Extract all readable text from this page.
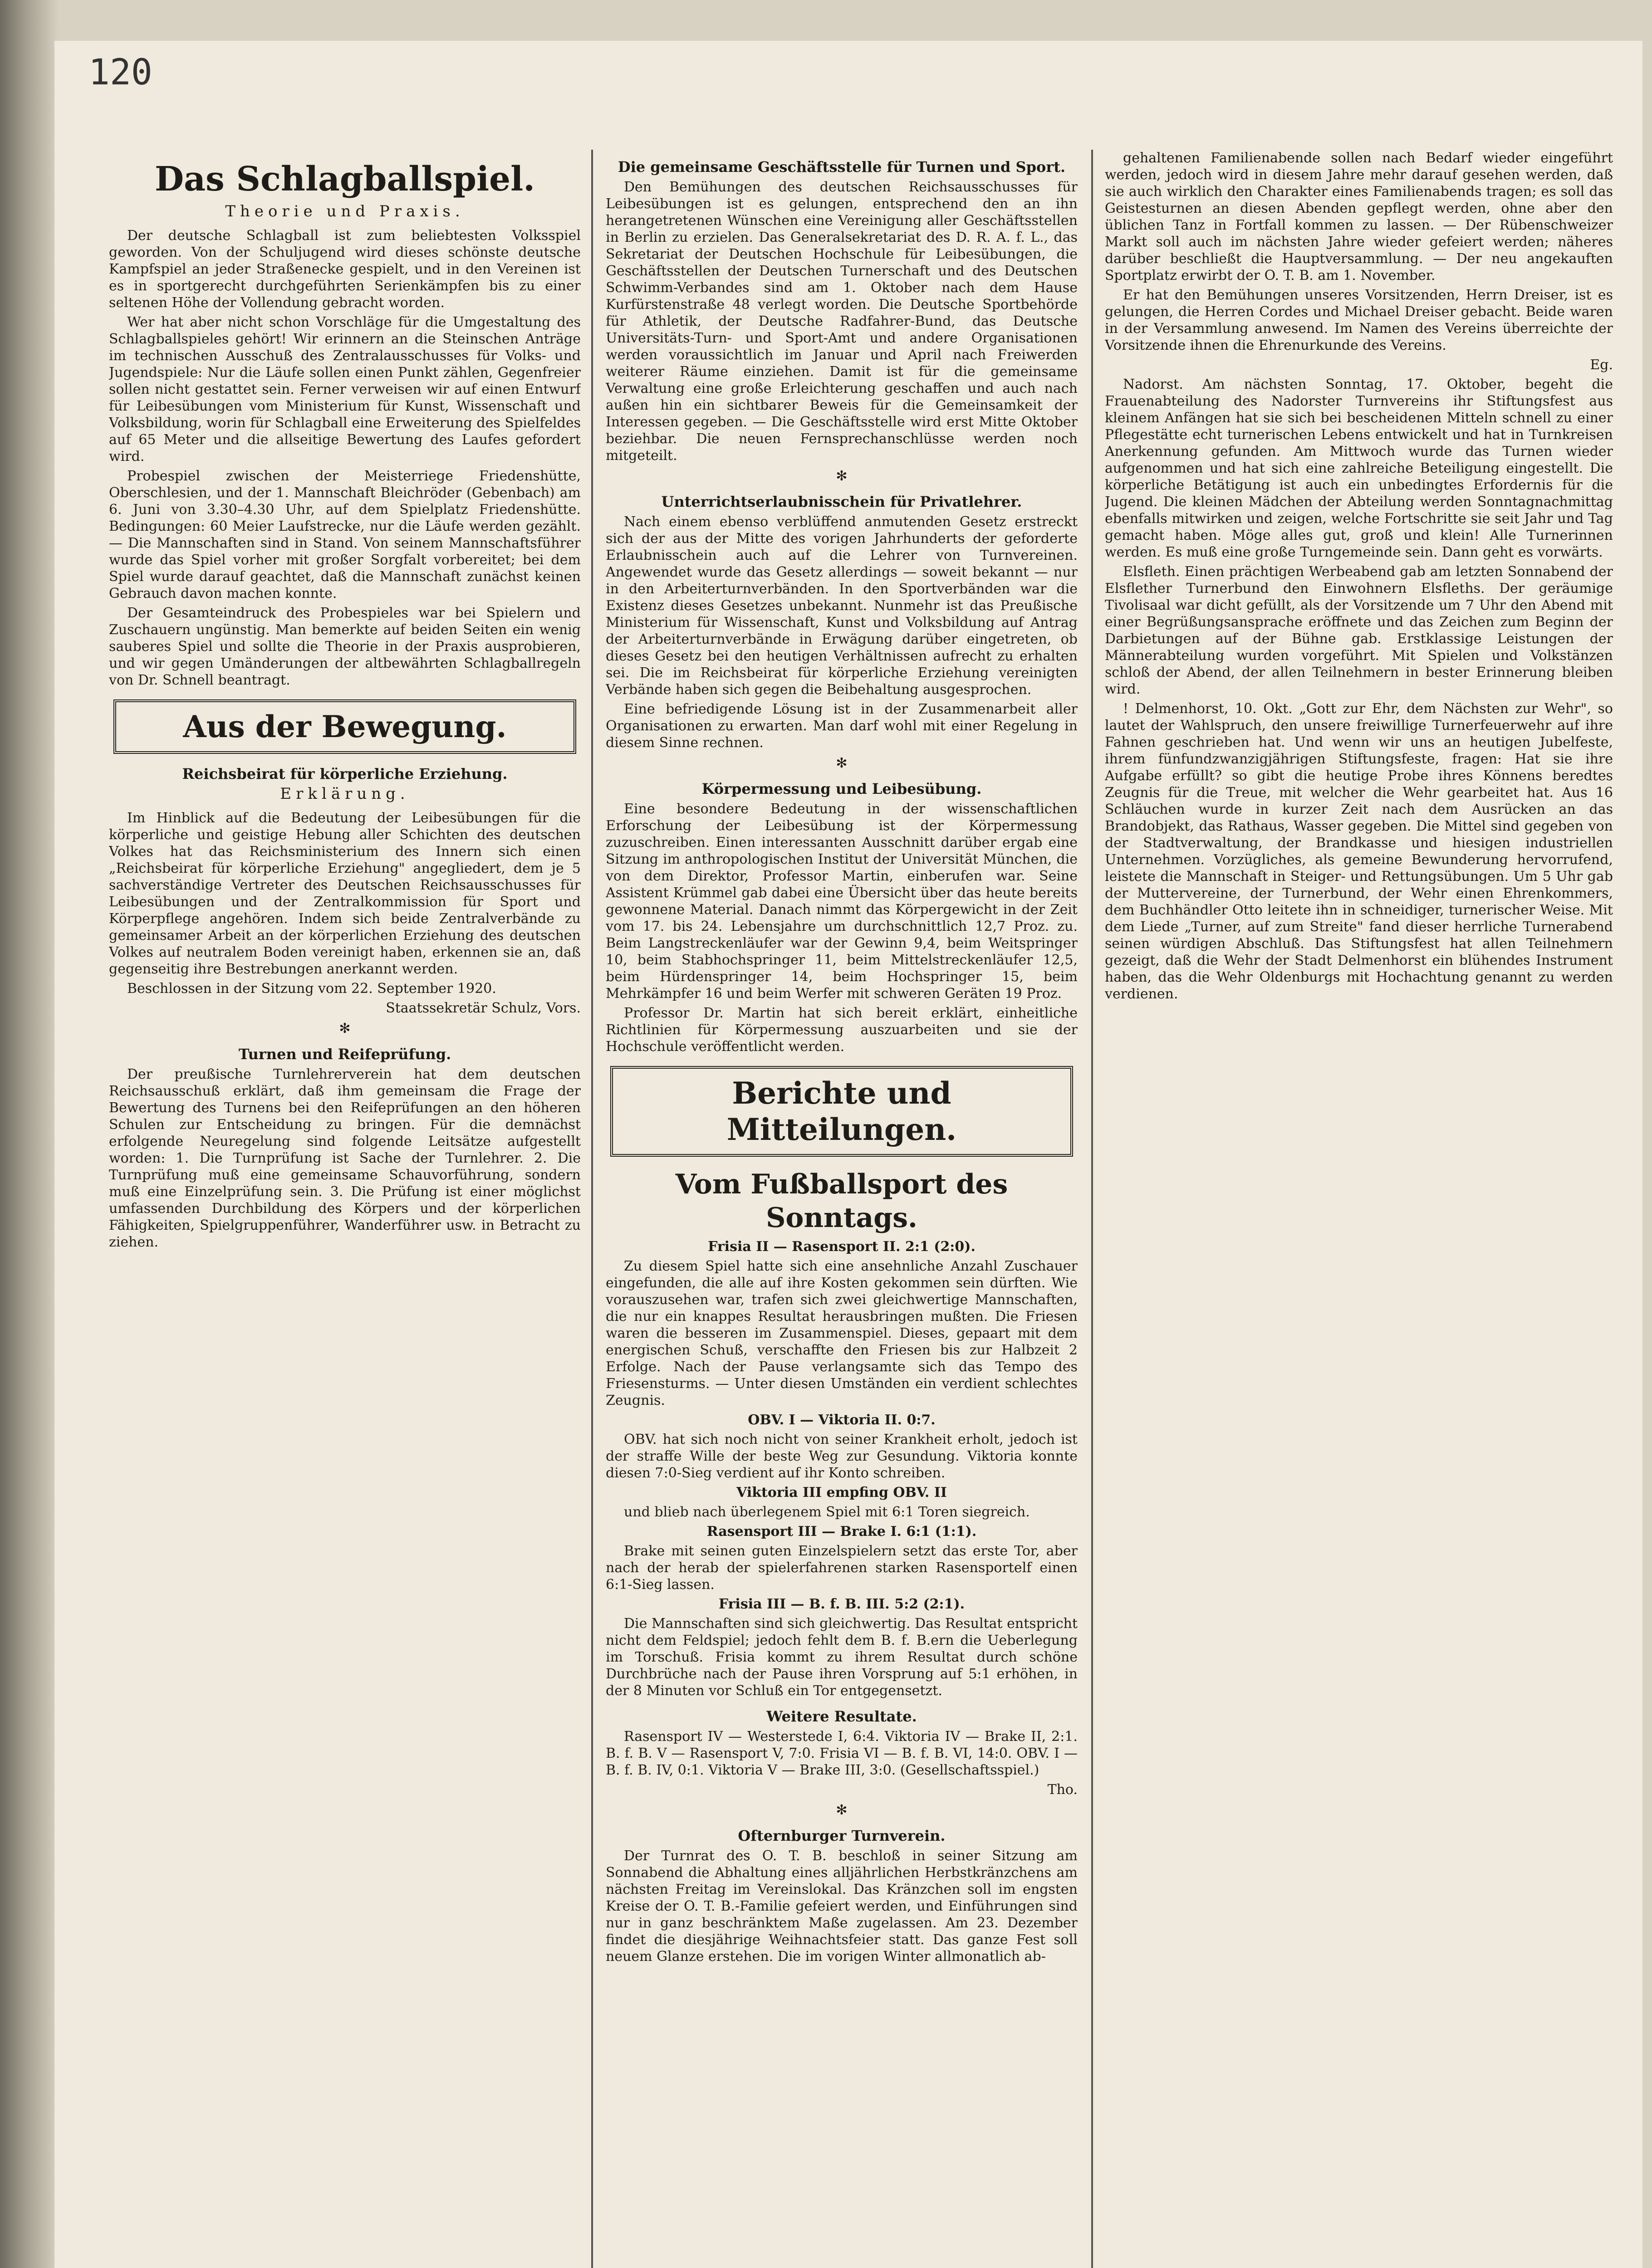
120
Das Schlagballspiel.
Theorie und Praxis.

Der deutsche Schlagball ist zum beliebtesten Volksspiel geworden. Von der Schuljugend wird dieses schönste deutsche Kampfspiel an jeder Straßenecke gespielt, und in den Vereinen ist es in sportgerecht durchgeführten Serienkämpfen bis zu einer seltenen Höhe der Vollendung gebracht worden.

Wer hat aber nicht schon Vorschläge für die Umgestaltung des Schlagballspieles gehört! Wir erinnern an die Steinschen Anträge im technischen Ausschuß des Zentralausschusses für Volks- und Jugendspiele: Nur die Läufe sollen einen Punkt zählen, Gegenfreier sollen nicht gestattet sein. Ferner verweisen wir auf einen Entwurf für Leibesübungen vom Ministerium für Kunst, Wissenschaft und Volksbildung, worin für Schlagball eine Erweiterung des Spielfeldes auf 65 Meter und die allseitige Bewertung des Laufes gefordert wird.

Probespiel zwischen der Meisterriege Friedenshütte, Oberschlesien, und der 1. Mannschaft Bleichröder (Gebenbach) am 6. Juni von 3.30–4.30 Uhr, auf dem Spielplatz Friedenshütte. Bedingungen: 60 Meier Laufstrecke, nur die Läufe werden gezählt. — Die Mannschaften sind in Stand. Von seinem Mannschaftsführer wurde das Spiel vorher mit großer Sorgfalt vorbereitet; bei dem Spiel wurde darauf geachtet, daß die Mannschaft zunächst keinen Gebrauch davon machen konnte.

Der Gesamteindruck des Probespieles war bei Spielern und Zuschauern ungünstig. Man bemerkte auf beiden Seiten ein wenig sauberes Spiel und sollte die Theorie in der Praxis ausprobieren, und wir gegen Umänderungen der altbewährten Schlagballregeln von Dr. Schnell beantragt.

Aus der Bewegung.
Reichsbeirat für körperliche Erziehung.
Erklärung.

Im Hinblick auf die Bedeutung der Leibesübungen für die körperliche und geistige Hebung aller Schichten des deutschen Volkes hat das Reichsministerium des Innern sich einen „Reichsbeirat für körperliche Erziehung" angegliedert, dem je 5 sachverständige Vertreter des Deutschen Reichsausschusses für Leibesübungen und der Zentralkommission für Sport und Körperpflege angehören. Indem sich beide Zentralverbände zu gemeinsamer Arbeit an der körperlichen Erziehung des deutschen Volkes auf neutralem Boden vereinigt haben, erkennen sie an, daß gegenseitig ihre Bestrebungen anerkannt werden.

Beschlossen in der Sitzung vom 22. September 1920.

Staatssekretär Schulz, Vors.

✻
Turnen und Reifeprüfung.

Der preußische Turnlehrerverein hat dem deutschen Reichsausschuß erklärt, daß ihm gemeinsam die Frage der Bewertung des Turnens bei den Reifeprüfungen an den höheren Schulen zur Entscheidung zu bringen. Für die demnächst erfolgende Neuregelung sind folgende Leitsätze aufgestellt worden: 1. Die Turnprüfung ist Sache der Turnlehrer. 2. Die Turnprüfung muß eine gemeinsame Schauvorführung, sondern muß eine Einzelprüfung sein. 3. Die Prüfung ist einer möglichst umfassenden Durchbildung des Körpers und der körperlichen Fähigkeiten, Spielgruppenführer, Wanderführer usw. in Betracht zu ziehen.

Die gemeinsame Geschäftsstelle für Turnen und Sport.

Den Bemühungen des deutschen Reichsausschusses für Leibesübungen ist es gelungen, entsprechend den an ihn herangetretenen Wünschen eine Vereinigung aller Geschäftsstellen in Berlin zu erzielen. Das Generalsekretariat des D. R. A. f. L., das Sekretariat der Deutschen Hochschule für Leibesübungen, die Geschäftsstellen der Deutschen Turnerschaft und des Deutschen Schwimm-Verbandes sind am 1. Oktober nach dem Hause Kurfürstenstraße 48 verlegt worden. Die Deutsche Sportbehörde für Athletik, der Deutsche Radfahrer-Bund, das Deutsche Universitäts-Turn- und Sport-Amt und andere Organisationen werden voraussichtlich im Januar und April nach Freiwerden weiterer Räume einziehen. Damit ist für die gemeinsame Verwaltung eine große Erleichterung geschaffen und auch nach außen hin ein sichtbarer Beweis für die Gemeinsamkeit der Interessen gegeben. — Die Geschäftsstelle wird erst Mitte Oktober beziehbar. Die neuen Fernsprechanschlüsse werden noch mitgeteilt.

✻
Unterrichtserlaubnisschein für Privatlehrer.

Nach einem ebenso verblüffend anmutenden Gesetz erstreckt sich der aus der Mitte des vorigen Jahrhunderts der geforderte Erlaubnisschein auch auf die Lehrer von Turnvereinen. Angewendet wurde das Gesetz allerdings — soweit bekannt — nur in den Arbeiterturnverbänden. In den Sportverbänden war die Existenz dieses Gesetzes unbekannt. Nunmehr ist das Preußische Ministerium für Wissenschaft, Kunst und Volksbildung auf Antrag der Arbeiterturnverbände in Erwägung darüber eingetreten, ob dieses Gesetz bei den heutigen Verhältnissen aufrecht zu erhalten sei. Die im Reichsbeirat für körperliche Erziehung vereinigten Verbände haben sich gegen die Beibehaltung ausgesprochen.

Eine befriedigende Lösung ist in der Zusammenarbeit aller Organisationen zu erwarten. Man darf wohl mit einer Regelung in diesem Sinne rechnen.

✻
Körpermessung und Leibesübung.

Eine besondere Bedeutung in der wissenschaftlichen Erforschung der Leibesübung ist der Körpermessung zuzuschreiben. Einen interessanten Ausschnitt darüber ergab eine Sitzung im anthropologischen Institut der Universität München, die von dem Direktor, Professor Martin, einberufen war. Seine Assistent Krümmel gab dabei eine Übersicht über das heute bereits gewonnene Material. Danach nimmt das Körpergewicht in der Zeit vom 17. bis 24. Lebensjahre um durchschnittlich 12,7 Proz. zu. Beim Langstreckenläufer war der Gewinn 9,4, beim Weitspringer 10, beim Stabhochspringer 11, beim Mittelstreckenläufer 12,5, beim Hürdenspringer 14, beim Hochspringer 15, beim Mehrkämpfer 16 und beim Werfer mit schweren Geräten 19 Proz.

Professor Dr. Martin hat sich bereit erklärt, einheitliche Richtlinien für Körpermessung auszuarbeiten und sie der Hochschule veröffentlicht werden.

Berichte und Mitteilungen.
Vom Fußballsport des Sonntags.

Frisia II — Rasensport II. 2:1 (2:0).

Zu diesem Spiel hatte sich eine ansehnliche Anzahl Zuschauer eingefunden, die alle auf ihre Kosten gekommen sein dürften. Wie vorauszusehen war, trafen sich zwei gleichwertige Mannschaften, die nur ein knappes Resultat herausbringen mußten. Die Friesen waren die besseren im Zusammenspiel. Dieses, gepaart mit dem energischen Schuß, verschaffte den Friesen bis zur Halbzeit 2 Erfolge. Nach der Pause verlangsamte sich das Tempo des Friesensturms. — Unter diesen Umständen ein verdient schlechtes Zeugnis.

OBV. I — Viktoria II. 0:7.

OBV. hat sich noch nicht von seiner Krankheit erholt, jedoch ist der straffe Wille der beste Weg zur Gesundung. Viktoria konnte diesen 7:0-Sieg verdient auf ihr Konto schreiben.

Viktoria III empfing OBV. II

und blieb nach überlegenem Spiel mit 6:1 Toren siegreich.

Rasensport III — Brake I. 6:1 (1:1).

Brake mit seinen guten Einzelspielern setzt das erste Tor, aber nach der herab der spielerfahrenen starken Rasensportelf einen 6:1-Sieg lassen.

Frisia III — B. f. B. III. 5:2 (2:1).

Die Mannschaften sind sich gleichwertig. Das Resultat entspricht nicht dem Feldspiel; jedoch fehlt dem B. f. B.ern die Ueberlegung im Torschuß. Frisia kommt zu ihrem Resultat durch schöne Durchbrüche nach der Pause ihren Vorsprung auf 5:1 erhöhen, in der 8 Minuten vor Schluß ein Tor entgegensetzt.

Weitere Resultate.

Rasensport IV — Westerstede I, 6:4. Viktoria IV — Brake II, 2:1. B. f. B. V — Rasensport V, 7:0. Frisia VI — B. f. B. VI, 14:0. OBV. I — B. f. B. IV, 0:1. Viktoria V — Brake III, 3:0. (Gesellschaftsspiel.)

Tho.

✻
Ofternburger Turnverein.

Der Turnrat des O. T. B. beschloß in seiner Sitzung am Sonnabend die Abhaltung eines alljährlichen Herbstkränzchens am nächsten Freitag im Vereinslokal. Das Kränzchen soll im engsten Kreise der O. T. B.-Familie gefeiert werden, und Einführungen sind nur in ganz beschränktem Maße zugelassen. Am 23. Dezember findet die diesjährige Weihnachtsfeier statt. Das ganze Fest soll neuem Glanze erstehen. Die im vorigen Winter allmonatlich ab-

gehaltenen Familienabende sollen nach Bedarf wieder eingeführt werden, jedoch wird in diesem Jahre mehr darauf gesehen werden, daß sie auch wirklich den Charakter eines Familienabends tragen; es soll das Geistesturnen an diesen Abenden gepflegt werden, ohne aber den üblichen Tanz in Fortfall kommen zu lassen. — Der Rübenschweizer Markt soll auch im nächsten Jahre wieder gefeiert werden; näheres darüber beschließt die Hauptversammlung. — Der neu angekauften Sportplatz erwirbt der O. T. B. am 1. November.

Er hat den Bemühungen unseres Vorsitzenden, Herrn Dreiser, ist es gelungen, die Herren Cordes und Michael Dreiser gebacht. Beide waren in der Versammlung anwesend. Im Namen des Vereins überreichte der Vorsitzende ihnen die Ehrenurkunde des Vereins.

Eg.

Nadorst. Am nächsten Sonntag, 17. Oktober, begeht die Frauenabteilung des Nadorster Turnvereins ihr Stiftungsfest aus kleinem Anfängen hat sie sich bei bescheidenen Mitteln schnell zu einer Pflegestätte echt turnerischen Lebens entwickelt und hat in Turnkreisen Anerkennung gefunden. Am Mittwoch wurde das Turnen wieder aufgenommen und hat sich eine zahlreiche Beteiligung eingestellt. Die körperliche Betätigung ist auch ein unbedingtes Erfordernis für die Jugend. Die kleinen Mädchen der Abteilung werden Sonntagnachmittag ebenfalls mitwirken und zeigen, welche Fortschritte sie seit Jahr und Tag gemacht haben. Möge alles gut, groß und klein! Alle Turnerinnen werden. Es muß eine große Turngemeinde sein. Dann geht es vorwärts.

Elsfleth. Einen prächtigen Werbeabend gab am letzten Sonnabend der Elsflether Turnerbund den Einwohnern Elsfleths. Der geräumige Tivolisaal war dicht gefüllt, als der Vorsitzende um 7 Uhr den Abend mit einer Begrüßungsansprache eröffnete und das Zeichen zum Beginn der Darbietungen auf der Bühne gab. Erstklassige Leistungen der Männerabteilung wurden vorgeführt. Mit Spielen und Volkstänzen schloß der Abend, der allen Teilnehmern in bester Erinnerung bleiben wird.

! Delmenhorst, 10. Okt. „Gott zur Ehr, dem Nächsten zur Wehr", so lautet der Wahlspruch, den unsere freiwillige Turnerfeuerwehr auf ihre Fahnen geschrieben hat. Und wenn wir uns an heutigen Jubelfeste, ihrem fünfundzwanzigjährigen Stiftungsfeste, fragen: Hat sie ihre Aufgabe erfüllt? so gibt die heutige Probe ihres Könnens beredtes Zeugnis für die Treue, mit welcher die Wehr gearbeitet hat. Aus 16 Schläuchen wurde in kurzer Zeit nach dem Ausrücken an das Brandobjekt, das Rathaus, Wasser gegeben. Die Mittel sind gegeben von der Stadtverwaltung, der Brandkasse und hiesigen industriellen Unternehmen. Vorzügliches, als gemeine Bewunderung hervorrufend, leistete die Mannschaft in Steiger- und Rettungsübungen. Um 5 Uhr gab der Muttervereine, der Turnerbund, der Wehr einen Ehrenkommers, dem Buchhändler Otto leitete ihn in schneidiger, turnerischer Weise. Mit dem Liede „Turner, auf zum Streite" fand dieser herrliche Turnerabend seinen würdigen Abschluß. Das Stiftungsfest hat allen Teilnehmern gezeigt, daß die Wehr der Stadt Delmenhorst ein blühendes Instrument haben, das die Wehr Oldenburgs mit Hochachtung genannt zu werden verdienen.
